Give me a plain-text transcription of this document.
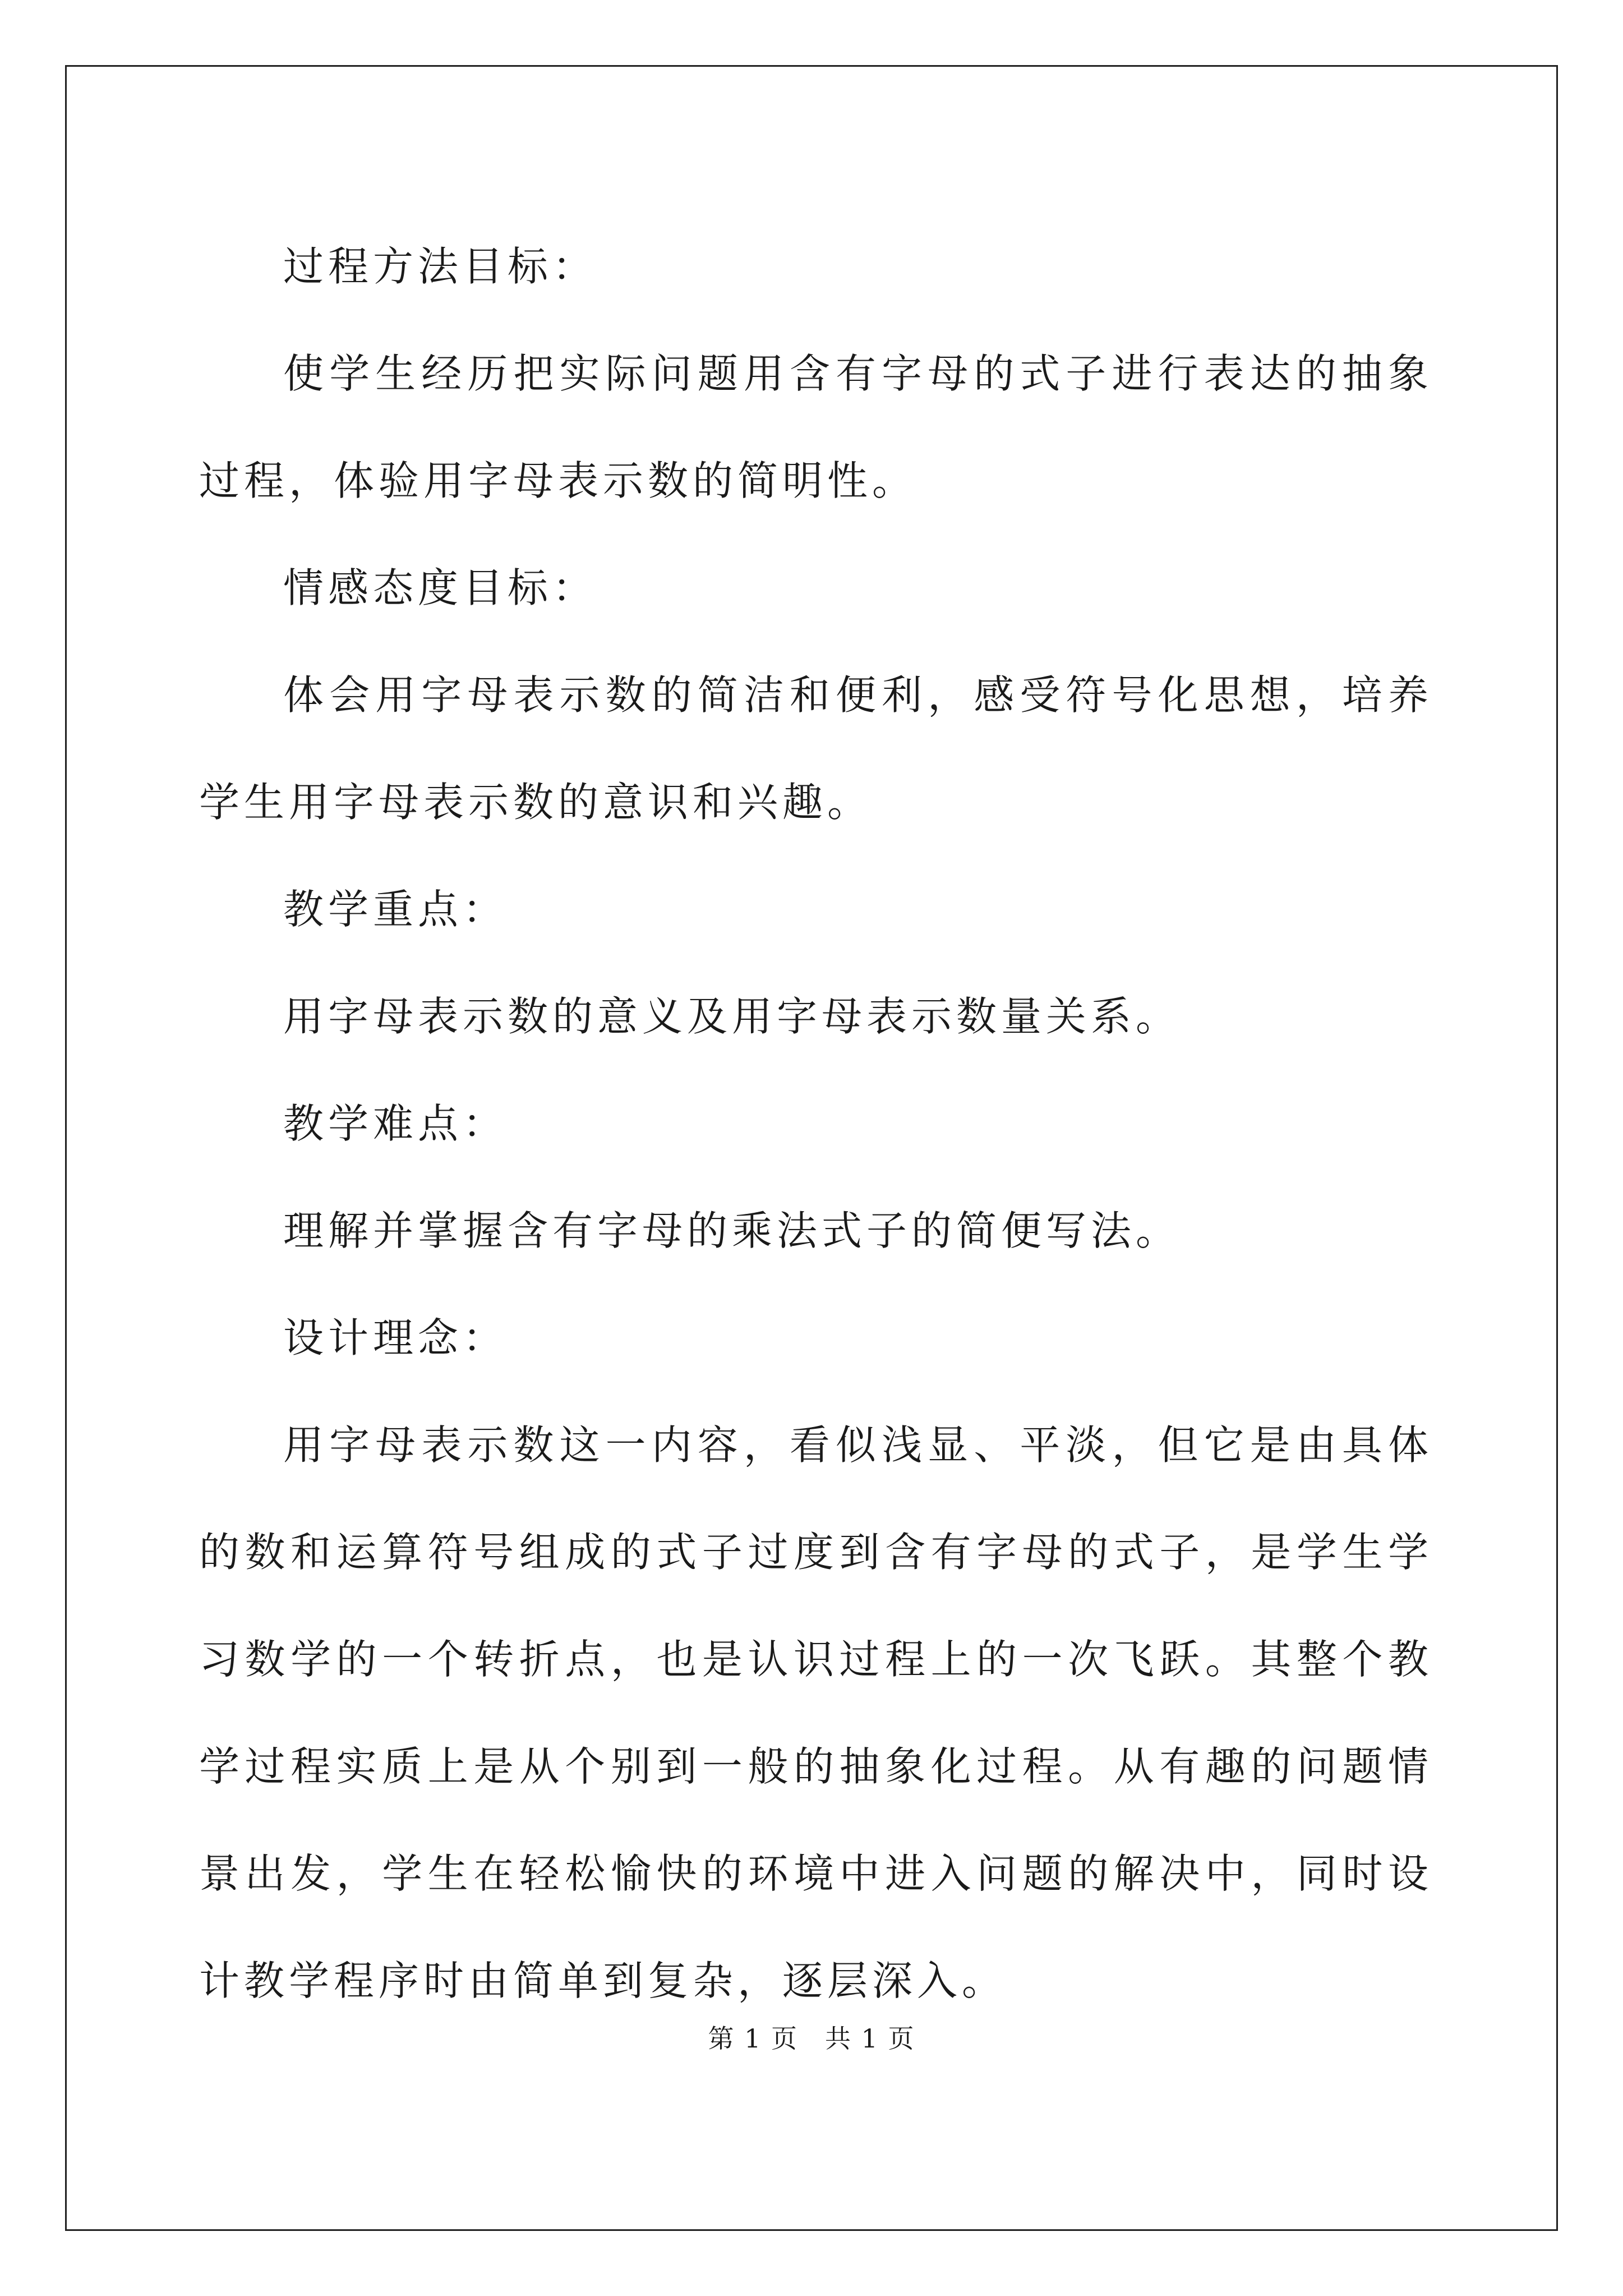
过程方法目标：

使学生经历把实际问题用含有字母的式子进行表达的抽象过程，体验用字母表示数的简明性。

情感态度目标：

体会用字母表示数的简洁和便利，感受符号化思想，培养学生用字母表示数的意识和兴趣。

教学重点：

用字母表示数的意义及用字母表示数量关系。

教学难点：

理解并掌握含有字母的乘法式子的简便写法。

设计理念：

用字母表示数这一内容，看似浅显、平淡，但它是由具体的数和运算符号组成的式子过度到含有字母的式子，是学生学习数学的一个转折点，也是认识过程上的一次飞跃。其整个教学过程实质上是从个别到一般的抽象化过程。从有趣的问题情景出发，学生在轻松愉快的环境中进入问题的解决中，同时设计教学程序时由简单到复杂，逐层深入。

第 1 页 共 1 页
